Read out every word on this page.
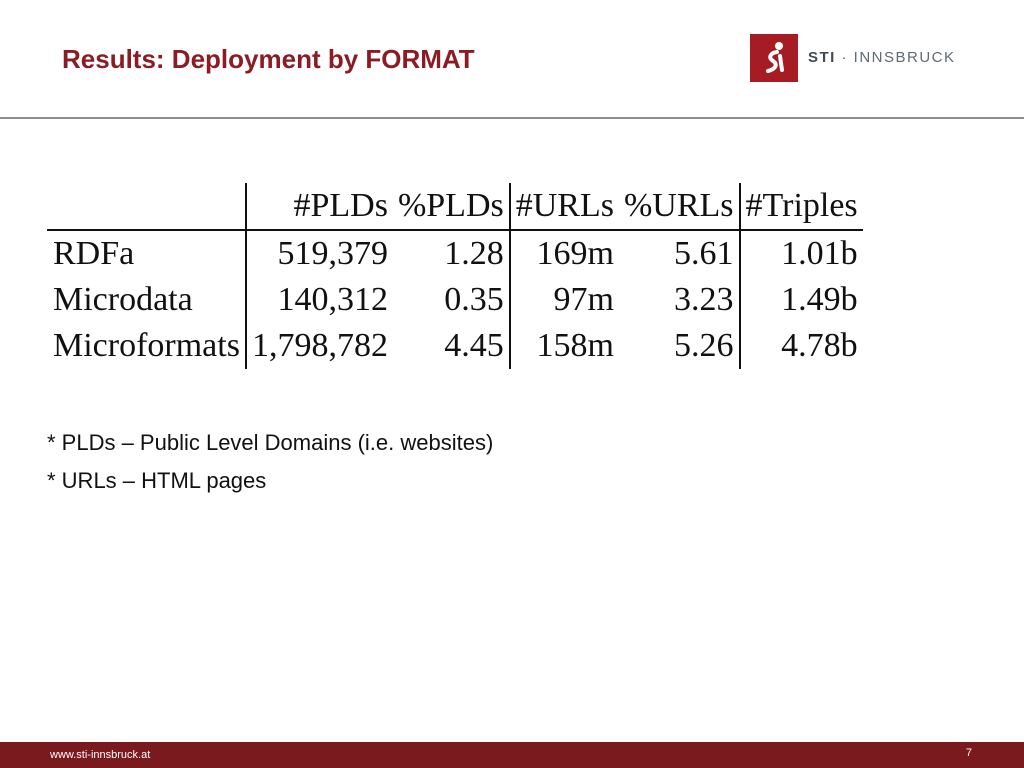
Results: Deployment by FORMAT	STI · INNSBRUCK
	#PLDs	%PLDs	#URLs	%URLs	#Triples
RDFa	519,379	1.28	169m	5.61	1.01b
Microdata	140,312	0.35	97m	3.23	1.49b
Microformats	1,798,782	4.45	158m	5.26	4.78b
* PLDs – Public Level Domains (i.e. websites)
* URLs – HTML pages
www.sti-innsbruck.at	7
